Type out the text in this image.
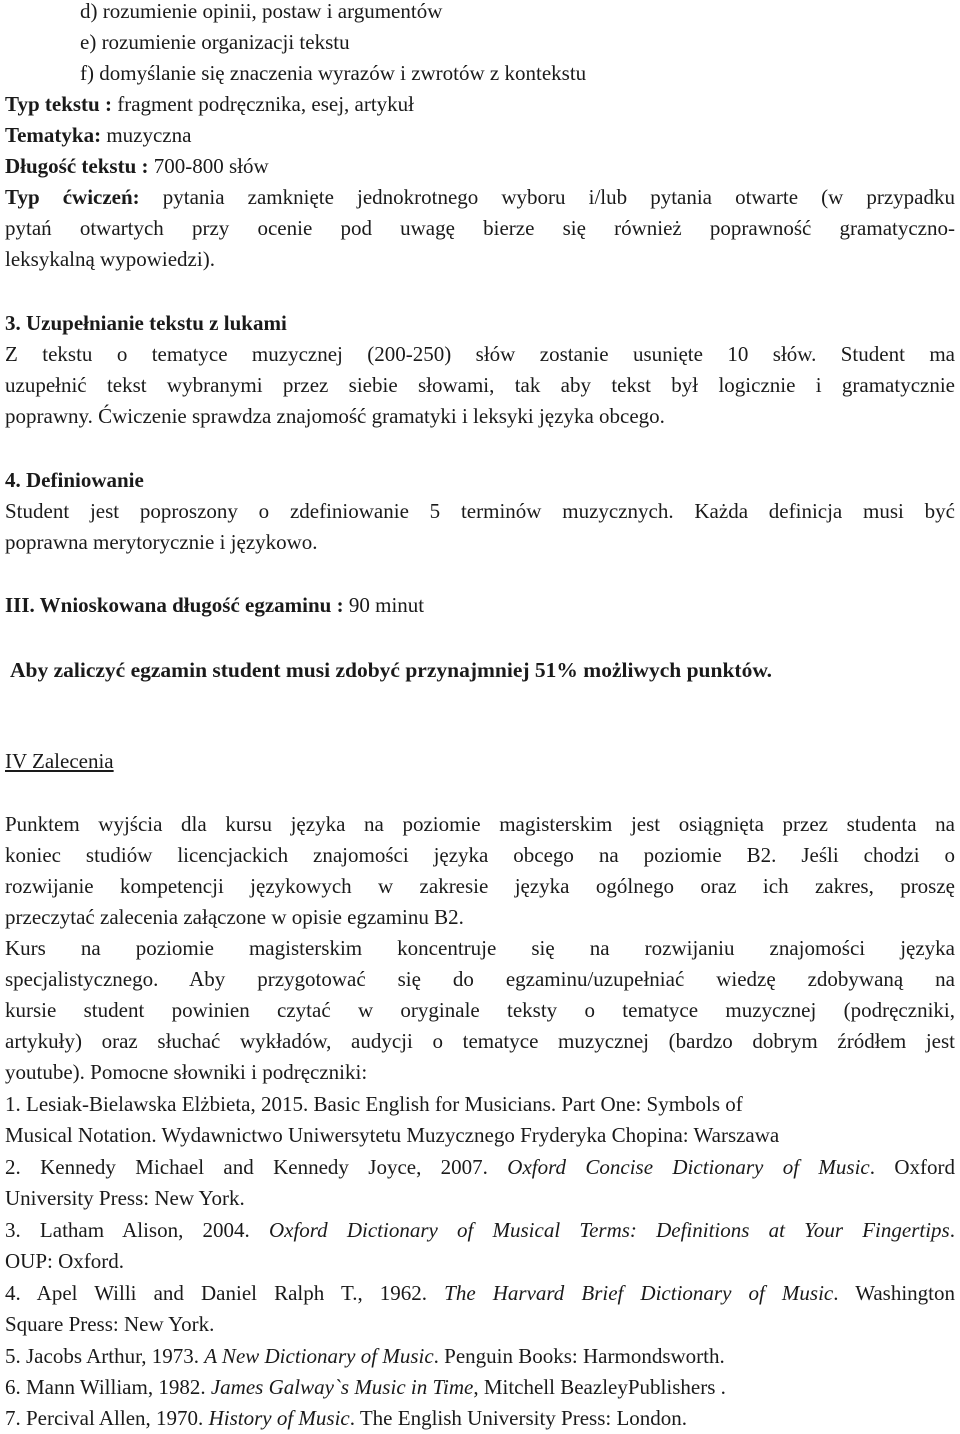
d) rozumienie opinii, postaw i argumentów
e) rozumienie organizacji tekstu
f) domyślanie się znaczenia wyrazów i zwrotów z kontekstu
Typ tekstu : fragment podręcznika, esej, artykuł
Tematyka: muzyczna
Długość tekstu : 700-800 słów
Typ ćwiczeń: pytania zamknięte jednokrotnego wyboru i/lub pytania otwarte (w przypadku
pytań otwartych przy ocenie pod uwagę bierze się również poprawność gramatyczno-
leksykalną wypowiedzi).
3. Uzupełnianie tekstu z lukami
Z tekstu o tematyce muzycznej (200-250) słów zostanie usunięte 10 słów. Student ma
uzupełnić tekst wybranymi przez siebie słowami, tak aby tekst był logicznie i gramatycznie
poprawny. Ćwiczenie sprawdza znajomość gramatyki i leksyki języka obcego.
4. Definiowanie
Student jest poproszony o zdefiniowanie 5 terminów muzycznych. Każda definicja musi być
poprawna merytorycznie i językowo.
III. Wnioskowana długość egzaminu : 90 minut
Aby zaliczyć egzamin student musi zdobyć przynajmniej 51% możliwych punktów.
IV Zalecenia
Punktem wyjścia dla kursu języka na poziomie magisterskim jest osiągnięta przez studenta na
koniec studiów licencjackich znajomości języka obcego na poziomie B2. Jeśli chodzi o
rozwijanie kompetencji językowych w zakresie języka ogólnego oraz ich zakres, proszę
przeczytać zalecenia załączone w opisie egzaminu B2.
Kurs na poziomie magisterskim koncentruje się na rozwijaniu znajomości języka
specjalistycznego. Aby przygotować się do egzaminu/uzupełniać wiedzę zdobywaną na
kursie student powinien czytać w oryginale teksty o tematyce muzycznej (podręczniki,
artykuły) oraz słuchać wykładów, audycji o tematyce muzycznej (bardzo dobrym źródłem jest
youtube). Pomocne słowniki i podręczniki:
1. Lesiak-Bielawska Elżbieta, 2015. Basic English for Musicians. Part One: Symbols of
Musical Notation. Wydawnictwo Uniwersytetu Muzycznego Fryderyka Chopina: Warszawa
2. Kennedy Michael and Kennedy Joyce, 2007. Oxford Concise Dictionary of Music. Oxford
University Press: New York.
3. Latham Alison, 2004. Oxford Dictionary of Musical Terms: Definitions at Your Fingertips.
OUP: Oxford.
4. Apel Willi and Daniel Ralph T., 1962. The Harvard Brief Dictionary of Music. Washington
Square Press: New York.
5. Jacobs Arthur, 1973. A New Dictionary of Music. Penguin Books: Harmondsworth.
6. Mann William, 1982. James Galway`s Music in Time, Mitchell BeazleyPublishers .
7. Percival Allen, 1970. History of Music. The English University Press: London.
